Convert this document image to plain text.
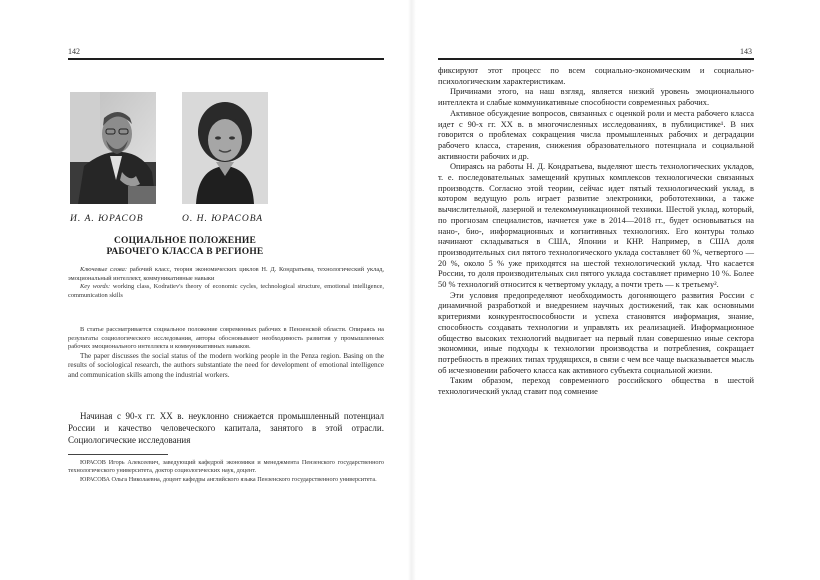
142
И. А. ЮРАСОВ	О. Н. ЮРАСОВА
СОЦИАЛЬНОЕ ПОЛОЖЕНИЕ
РАБОЧЕГО КЛАССА В РЕГИОНЕ

Ключевые слова: рабочий класс, теория экономических циклов Н. Д. Кондратьева, технологический уклад, эмоциональный интеллект, коммуникативные навыки

Key words: working class, Kodratiev's theory of economic cycles, technological structure, emotional intelligence, communication skills

В статье рассматривается социальное положение современных рабочих в Пензенской области. Опираясь на результаты социологического исследования, авторы обосновывают необходимость развития у промышленных рабочих эмоционального интеллекта и коммуникативных навыков.

The paper discusses the social status of the modern working people in the Penza region. Basing on the results of sociological research, the authors substantiate the need for development of emotional intelligence and communication skills among the industrial workers.

Начиная с 90-х гг. XX в. неуклонно снижается промышленный потенциал России и качество человеческого капитала, занятого в этой отрасли. Социологические исследования

ЮРАСОВ Игорь Алексеевич, заведующий кафедрой экономики и менеджмента Пензенского государственного технологического университета, доктор социологических наук, доцент.

ЮРАСОВА Ольга Николаевна, доцент кафедры английского языка Пензенского государственного университета.

143

фиксируют этот процесс по всем социально-экономическим и социально-психологическим характеристикам.

Причинами этого, на наш взгляд, является низкий уровень эмоционального интеллекта и слабые коммуникативные способности современных рабочих.

Активное обсуждение вопросов, связанных с оценкой роли и места рабочего класса идет с 90-х гг. XX в. в многочисленных исследованиях, в публицистике¹. В них говорится о проблемах сокращения числа промышленных рабочих и деградации рабочего класса, старения, снижения образовательного потенциала и социальной активности рабочих и др.

Опираясь на работы Н. Д. Кондратьева, выделяют шесть технологических укладов, т. е. последовательных замещений крупных комплексов технологически связанных производств. Согласно этой теории, сейчас идет пятый технологический уклад, в котором ведущую роль играет развитие электроники, робототехники, а также вычислительной, лазерной и телекоммуникационной техники. Шестой уклад, который, по прогнозам специалистов, начнется уже в 2014—2018 гг., будет основываться на нано-, био-, информационных и когнитивных технологиях. Его контуры только начинают складываться в США, Японии и КНР. Например, в США доля производительных сил пятого технологического уклада составляет 60 %, четвертого — 20 %, около 5 % уже приходятся на шестой технологический уклад. Что касается России, то доля производительных сил пятого уклада составляет примерно 10 %. Более 50 % технологий относится к четвертому укладу, а почти треть — к третьему².

Эти условия предопределяют необходимость догоняющего развития России с динамичной разработкой и внедрением научных достижений, так как основными критериями конкурентоспособности и успеха становятся информация, знание, способность создавать технологии и управлять их реализацией. Информационное общество высоких технологий выдвигает на первый план совершенно иные сектора экономики, иные подходы к технологии производства и потребления, сокращает потребность в прежних типах трудящихся, в связи с чем все чаще высказывается мысль об исчезновении рабочего класса как активного субъекта социальной жизни.

Таким образом, переход современного российского общества в шестой технологический уклад ставит под сомнение
